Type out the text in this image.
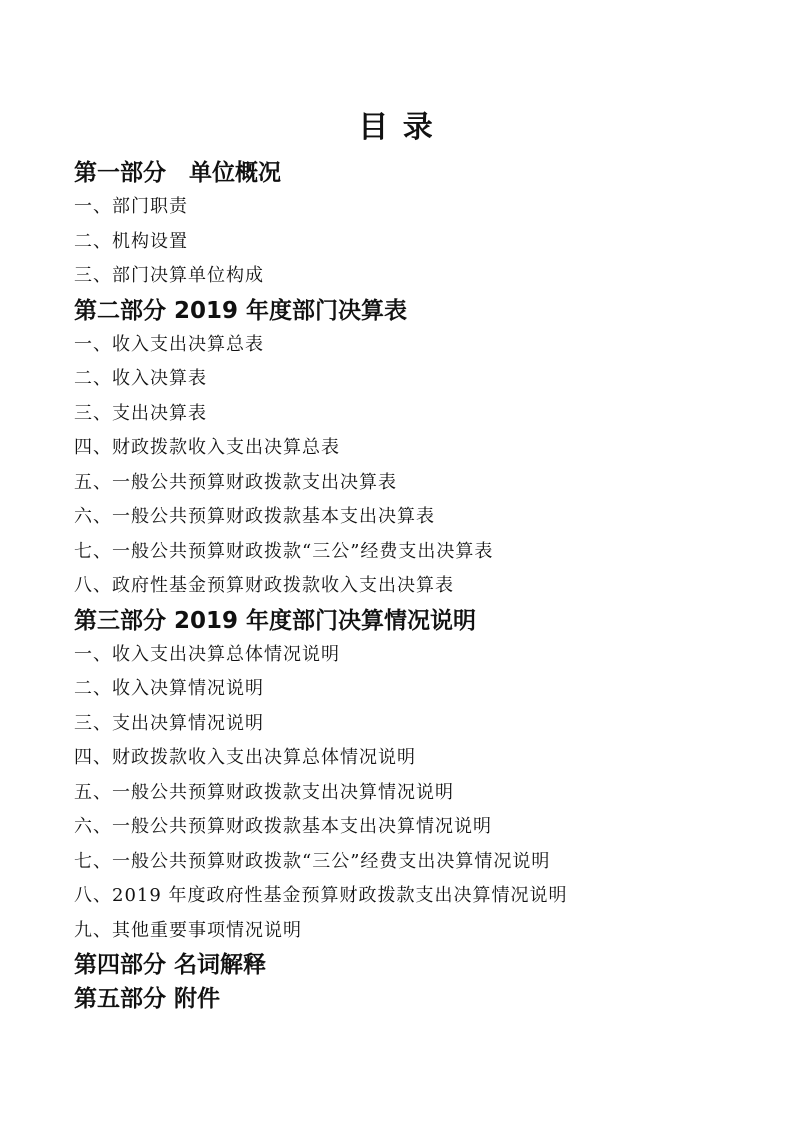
目 录
第一部分　单位概况
一、部门职责
二、机构设置
三、部门决算单位构成
第二部分 2019 年度部门决算表
一、收入支出决算总表
二、收入决算表
三、支出决算表
四、财政拨款收入支出决算总表
五、一般公共预算财政拨款支出决算表
六、一般公共预算财政拨款基本支出决算表
七、一般公共预算财政拨款“三公”经费支出决算表
八、政府性基金预算财政拨款收入支出决算表
第三部分 2019 年度部门决算情况说明
一、收入支出决算总体情况说明
二、收入决算情况说明
三、支出决算情况说明
四、财政拨款收入支出决算总体情况说明
五、一般公共预算财政拨款支出决算情况说明
六、一般公共预算财政拨款基本支出决算情况说明
七、一般公共预算财政拨款“三公”经费支出决算情况说明
八、2019 年度政府性基金预算财政拨款支出决算情况说明
九、其他重要事项情况说明
第四部分 名词解释
第五部分 附件
